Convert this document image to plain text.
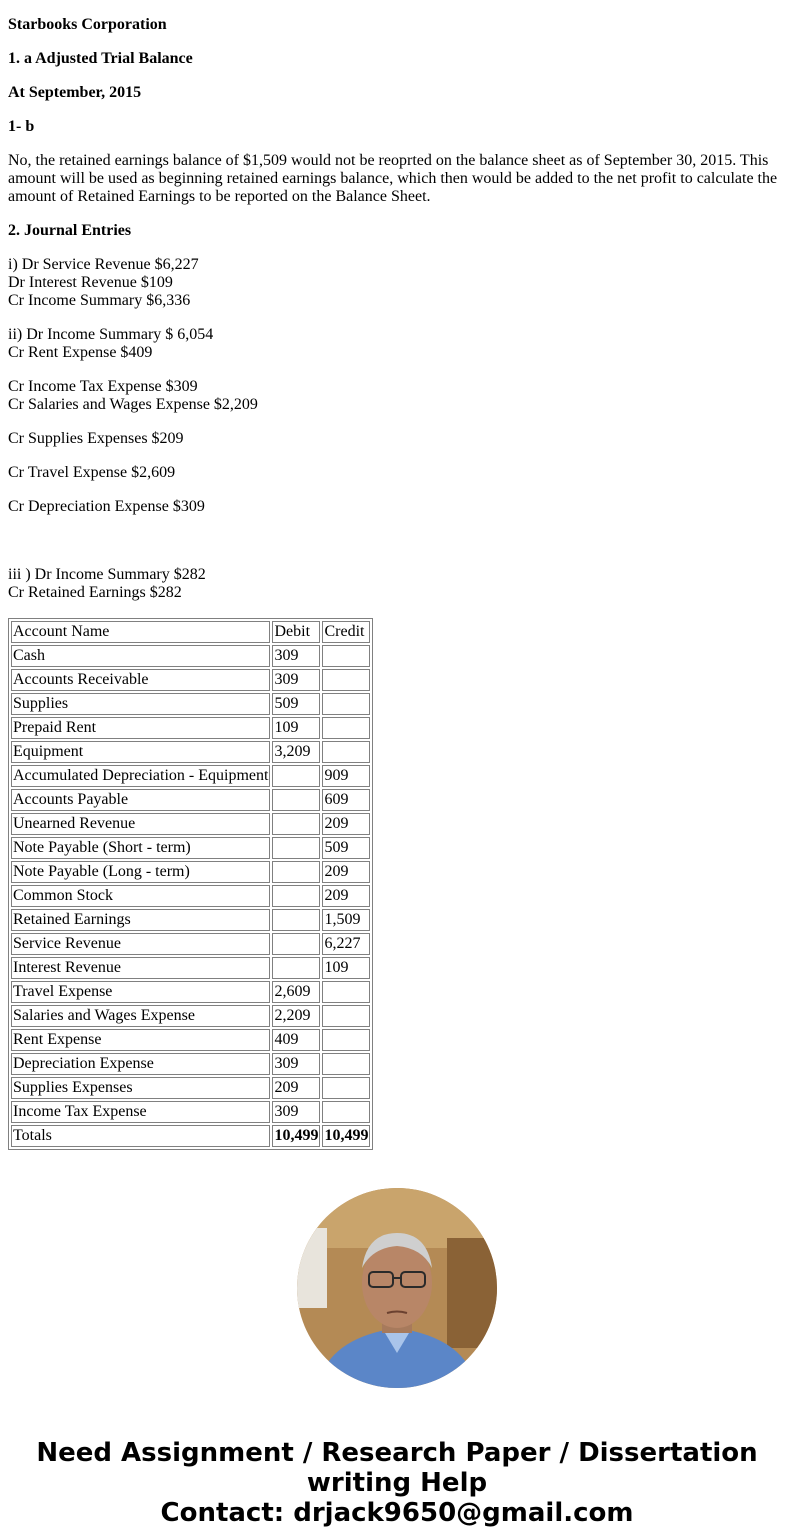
Starbooks Corporation

1. a Adjusted Trial Balance

At September, 2015

1- b

No, the retained earnings balance of $1,509 would not be reoprted on the balance sheet as of September 30, 2015. This amount will be used as beginning retained earnings balance, which then would be added to the net profit to calculate the amount of Retained Earnings to be reported on the Balance Sheet.

2. Journal Entries

i) Dr Service Revenue $6,227
Dr Interest Revenue $109
Cr Income Summary $6,336

ii) Dr Income Summary $ 6,054
Cr Rent Expense $409

Cr Income Tax Expense $309
Cr Salaries and Wages Expense $2,209

Cr Supplies Expenses $209

Cr Travel Expense $2,609

Cr Depreciation Expense $309

iii ) Dr Income Summary $282
Cr Retained Earnings $282

Account Name	Debit	Credit
Cash	309	
Accounts Receivable	309	
Supplies	509	
Prepaid Rent	109	
Equipment	3,209	
Accumulated Depreciation - Equipment		909
Accounts Payable		609
Unearned Revenue		209
Note Payable (Short - term)		509
Note Payable (Long - term)		209
Common Stock		209
Retained Earnings		1,509
Service Revenue		6,227
Interest Revenue		109
Travel Expense	2,609	
Salaries and Wages Expense	2,209	
Rent Expense	409	
Depreciation Expense	309	
Supplies Expenses	209	
Income Tax Expense	309	
Totals	10,499	10,499
Need Assignment / Research Paper / Dissertation writing Help
Contact: drjack9650@gmail.com
